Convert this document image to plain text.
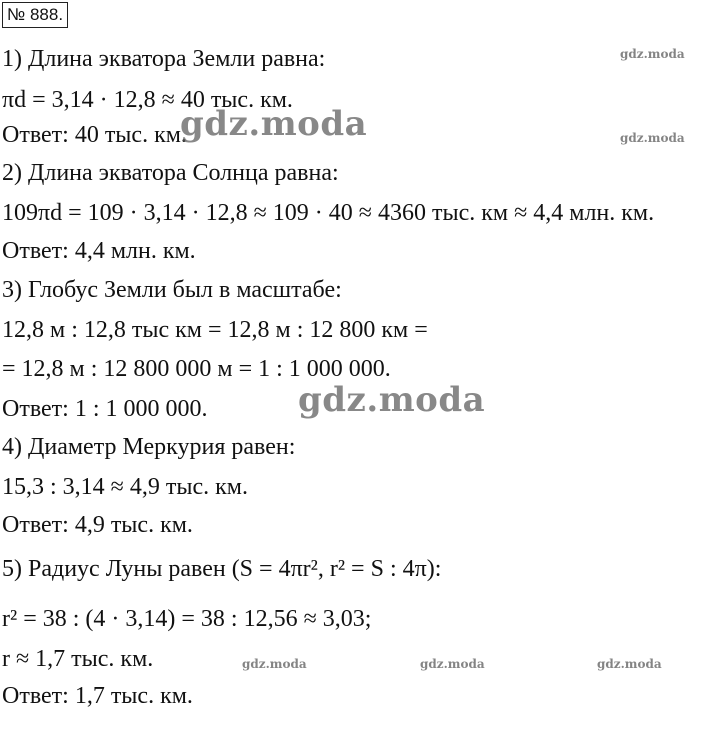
№ 888.
1) Длина экватора Земли равна:
πd = 3,14 · 12,8 ≈ 40 тыс. км.
Ответ: 40 тыс. км.
2) Длина экватора Солнца равна:
109πd = 109 · 3,14 · 12,8 ≈ 109 · 40 ≈ 4360 тыс. км ≈ 4,4 млн. км.
Ответ: 4,4 млн. км.
3) Глобус Земли был в масштабе:
12,8 м : 12,8 тыс км = 12,8 м : 12 800 км =
= 12,8 м : 12 800 000 м = 1 : 1 000 000.
Ответ: 1 : 1 000 000.
4) Диаметр Меркурия равен:
15,3 : 3,14 ≈ 4,9 тыс. км.
Ответ: 4,9 тыс. км.
5) Радиус Луны равен (S = 4πr², r² = S : 4π):
r² = 38 : (4 · 3,14) = 38 : 12,56 ≈ 3,03;
r ≈ 1,7 тыс. км.
Ответ: 1,7 тыс. км.
gdz.moda
gdz.moda
gdz.moda
gdz.moda
gdz.moda	gdz.moda	gdz.moda
